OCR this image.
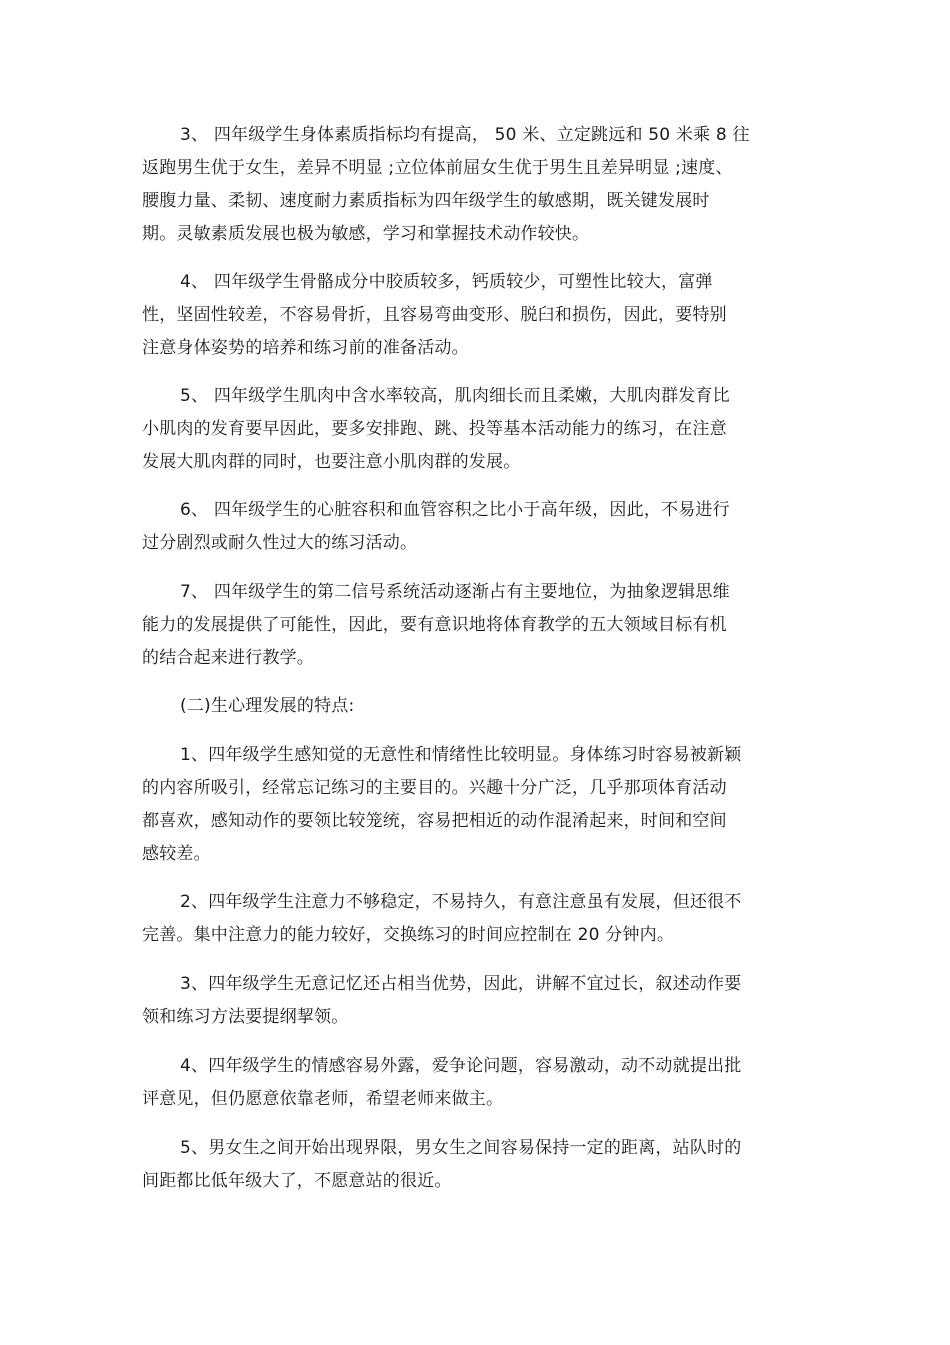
3、 四年级学生身体素质指标均有提高， 50 米、立定跳远和 50 米乘 8 往
返跑男生优于女生，差异不明显 ;立位体前屈女生优于男生且差异明显 ;速度、
腰腹力量、柔韧、速度耐力素质指标为四年级学生的敏感期，既关键发展时
期。灵敏素质发展也极为敏感，学习和掌握技术动作较快。
4、 四年级学生骨骼成分中胶质较多，钙质较少，可塑性比较大，富弹
性，坚固性较差，不容易骨折，且容易弯曲变形、脱臼和损伤，因此，要特别
注意身体姿势的培养和练习前的准备活动。
5、 四年级学生肌肉中含水率较高，肌肉细长而且柔嫩，大肌肉群发育比
小肌肉的发育要早因此，要多安排跑、跳、投等基本活动能力的练习，在注意
发展大肌肉群的同时，也要注意小肌肉群的发展。
6、 四年级学生的心脏容积和血管容积之比小于高年级，因此，不易进行
过分剧烈或耐久性过大的练习活动。
7、 四年级学生的第二信号系统活动逐渐占有主要地位，为抽象逻辑思维
能力的发展提供了可能性，因此，要有意识地将体育教学的五大领域目标有机
的结合起来进行教学。
(二)生心理发展的特点:
1、四年级学生感知觉的无意性和情绪性比较明显。身体练习时容易被新颖
的内容所吸引，经常忘记练习的主要目的。兴趣十分广泛，几乎那项体育活动
都喜欢，感知动作的要领比较笼统，容易把相近的动作混淆起来，时间和空间
感较差。
2、四年级学生注意力不够稳定，不易持久，有意注意虽有发展，但还很不
完善。集中注意力的能力较好，交换练习的时间应控制在 20 分钟内。
3、四年级学生无意记忆还占相当优势，因此，讲解不宜过长，叙述动作要
领和练习方法要提纲挈领。
4、四年级学生的情感容易外露，爱争论问题，容易激动，动不动就提出批
评意见，但仍愿意依靠老师，希望老师来做主。
5、男女生之间开始出现界限，男女生之间容易保持一定的距离，站队时的
间距都比低年级大了，不愿意站的很近。
